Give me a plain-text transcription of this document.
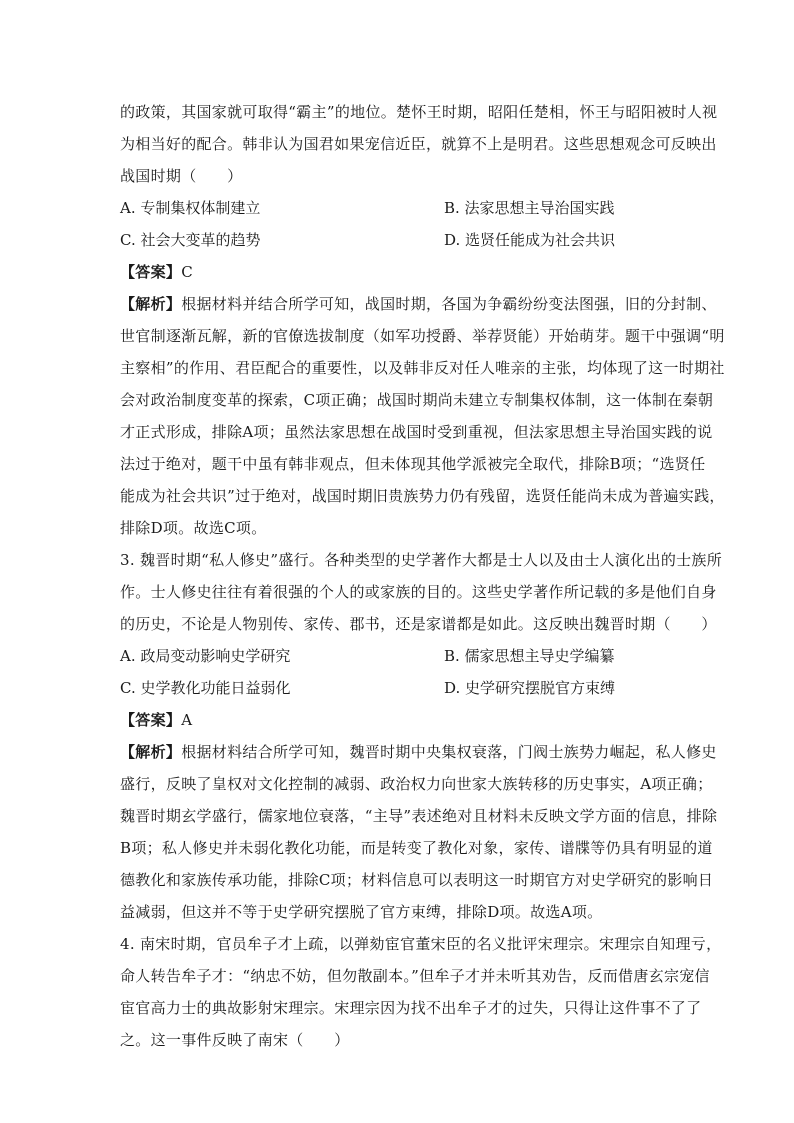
的政策，其国家就可取得“霸主”的地位。楚怀王时期，昭阳任楚相，怀王与昭阳被时人视
为相当好的配合。韩非认为国君如果宠信近臣，就算不上是明君。这些思想观念可反映出
战国时期（　　）
A. 专制集权体制建立	B. 法家思想主导治国实践
C. 社会大变革的趋势	D. 选贤任能成为社会共识
【答案】C
【解析】根据材料并结合所学可知，战国时期，各国为争霸纷纷变法图强，旧的分封制、
世官制逐渐瓦解，新的官僚选拔制度（如军功授爵、举荐贤能）开始萌芽。题干中强调“明
主察相”的作用、君臣配合的重要性，以及韩非反对任人唯亲的主张，均体现了这一时期社
会对政治制度变革的探索，C项正确；战国时期尚未建立专制集权体制，这一体制在秦朝
才正式形成，排除A项；虽然法家思想在战国时受到重视，但法家思想主导治国实践的说
法过于绝对，题干中虽有韩非观点，但未体现其他学派被完全取代，排除B项；“选贤任
能成为社会共识”过于绝对，战国时期旧贵族势力仍有残留，选贤任能尚未成为普遍实践，
排除D项。故选C项。
3. 魏晋时期“私人修史”盛行。各种类型的史学著作大都是士人以及由士人演化出的士族所
作。士人修史往往有着很强的个人的或家族的目的。这些史学著作所记载的多是他们自身
的历史，不论是人物别传、家传、郡书，还是家谱都是如此。这反映出魏晋时期（　　）
A. 政局变动影响史学研究	B. 儒家思想主导史学编纂
C. 史学教化功能日益弱化	D. 史学研究摆脱官方束缚
【答案】A
【解析】根据材料结合所学可知，魏晋时期中央集权衰落，门阀士族势力崛起，私人修史
盛行，反映了皇权对文化控制的减弱、政治权力向世家大族转移的历史事实，A项正确；
魏晋时期玄学盛行，儒家地位衰落，“主导”表述绝对且材料未反映文学方面的信息，排除
B项；私人修史并未弱化教化功能，而是转变了教化对象，家传、谱牒等仍具有明显的道
德教化和家族传承功能，排除C项；材料信息可以表明这一时期官方对史学研究的影响日
益减弱，但这并不等于史学研究摆脱了官方束缚，排除D项。故选A项。
4. 南宋时期，官员牟子才上疏，以弹劾宦官董宋臣的名义批评宋理宗。宋理宗自知理亏，
命人转告牟子才：“纳忠不妨，但勿散副本。”但牟子才并未听其劝告，反而借唐玄宗宠信
宦官高力士的典故影射宋理宗。宋理宗因为找不出牟子才的过失，只得让这件事不了了
之。这一事件反映了南宋（　　）
